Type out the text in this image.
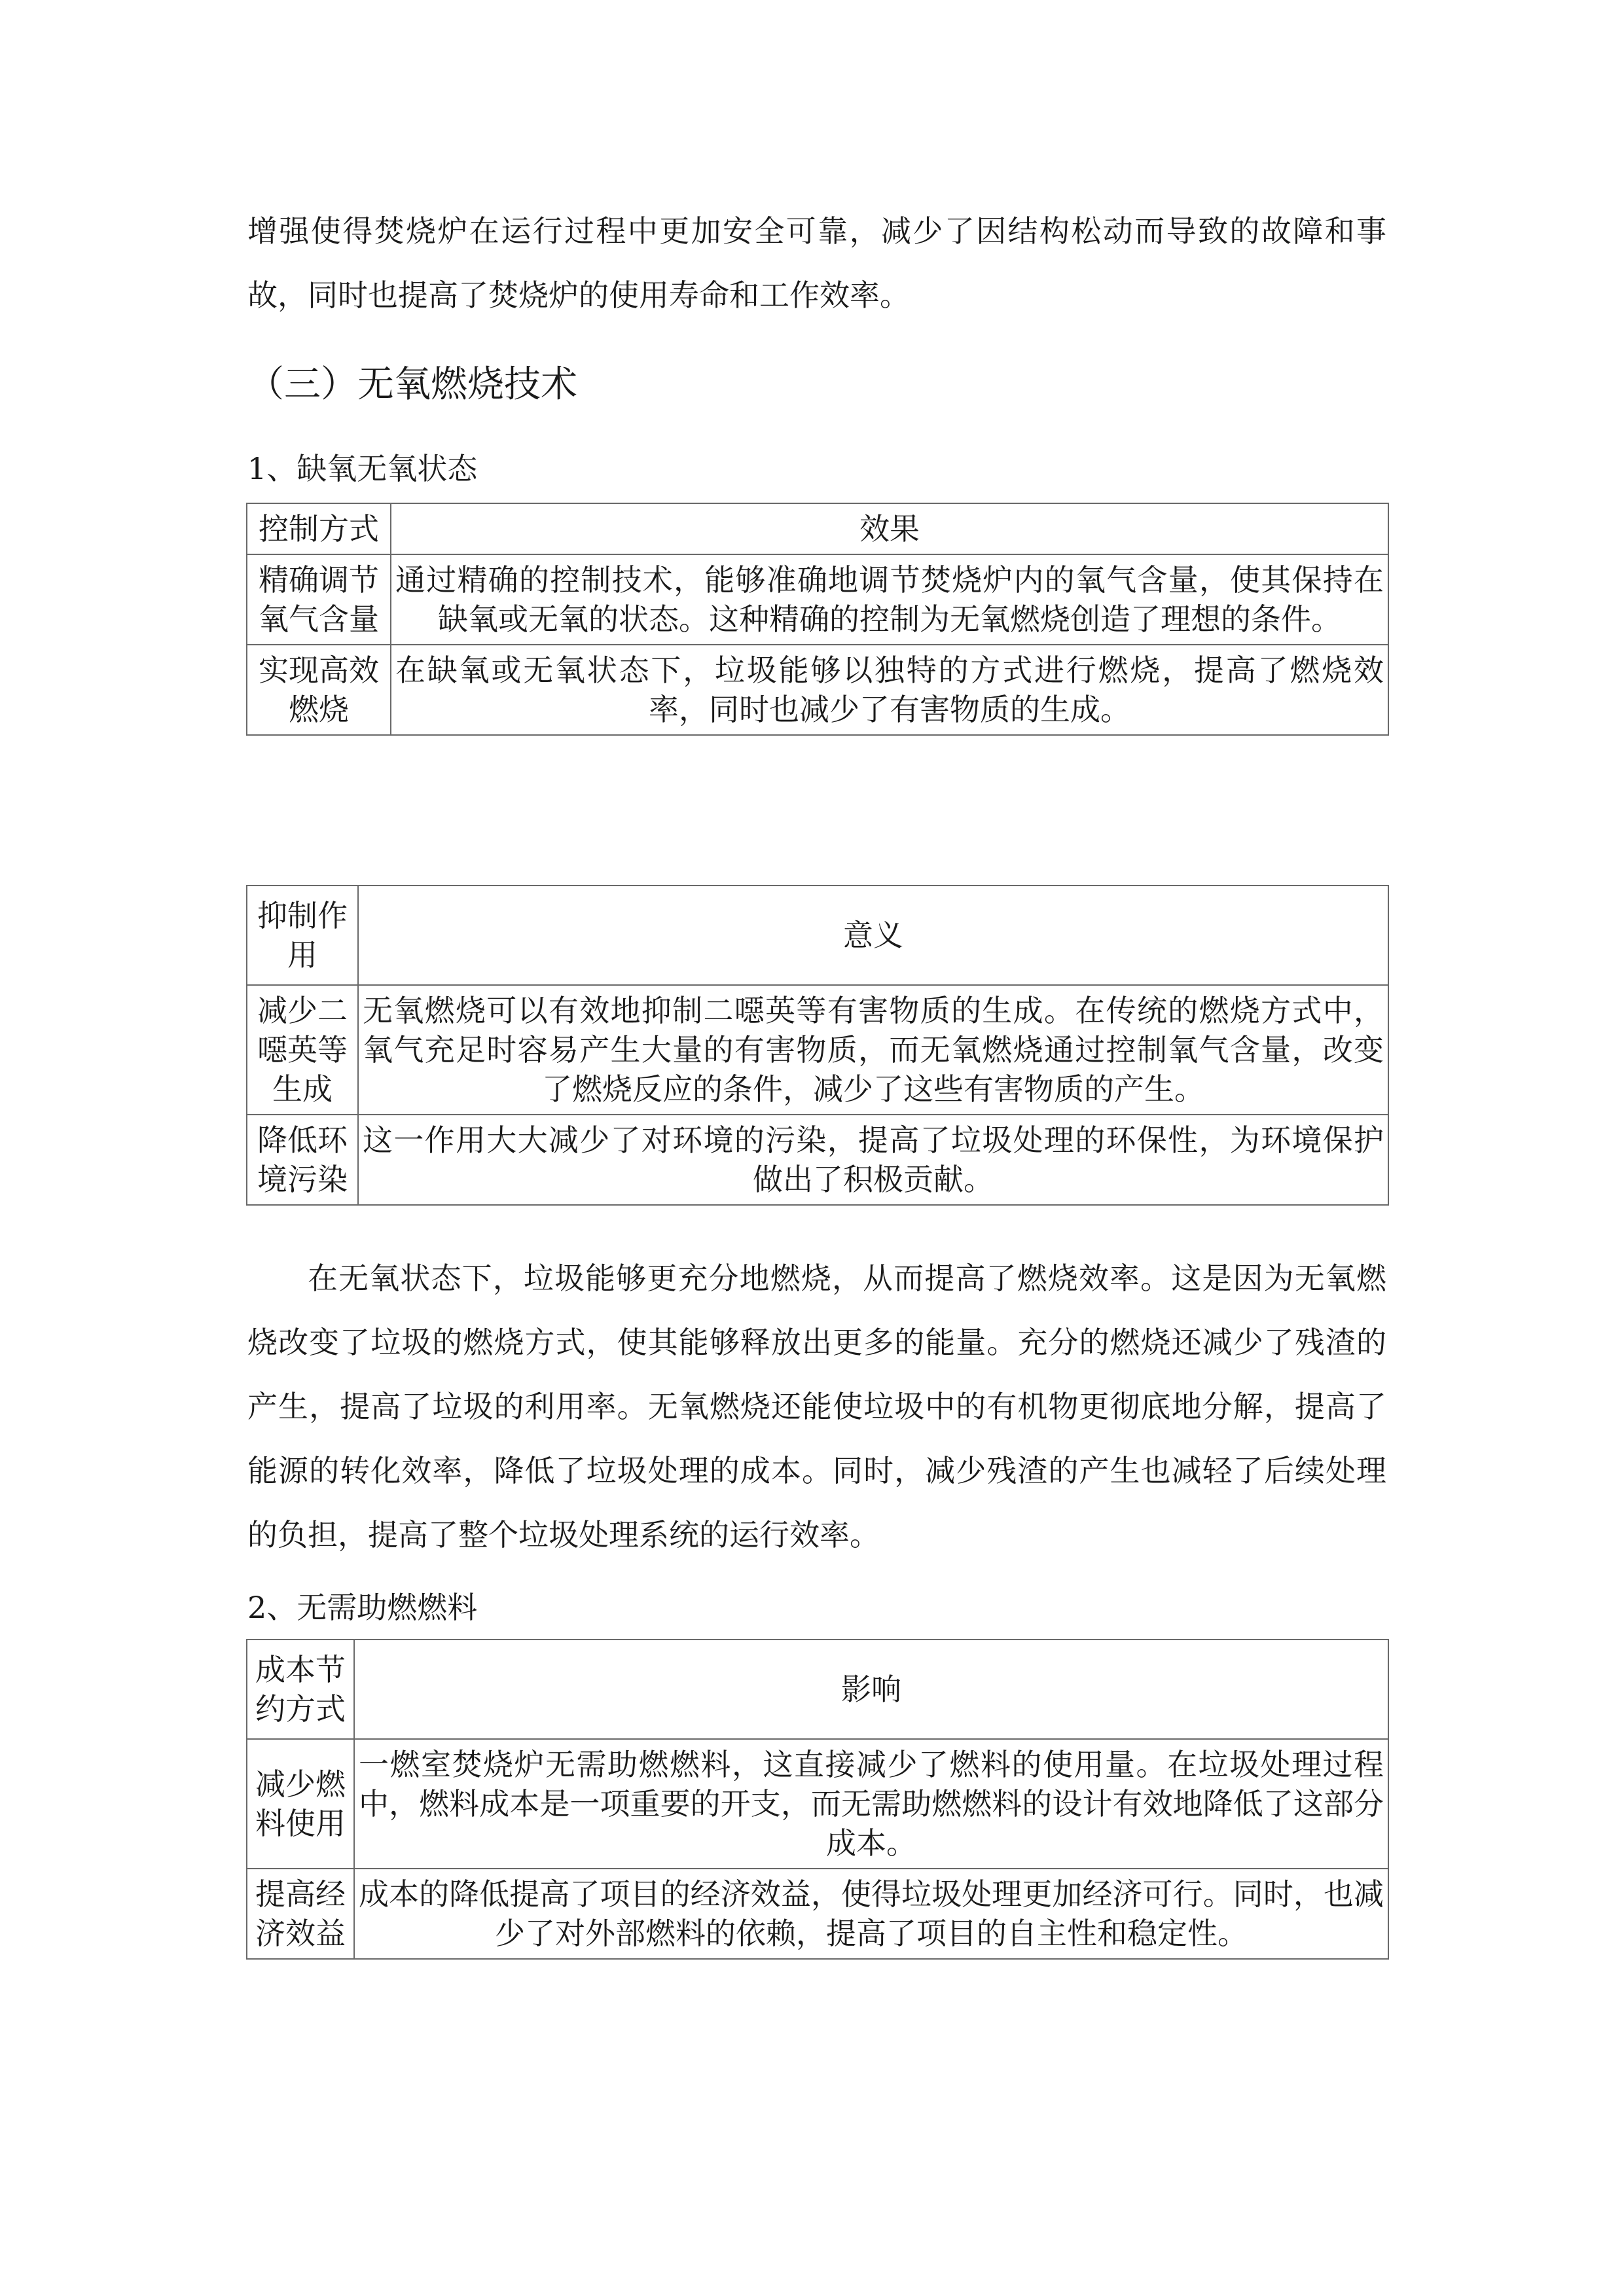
增强使得焚烧炉在运行过程中更加安全可靠，减少了因结构松动而导致的故障和事故，同时也提高了焚烧炉的使用寿命和工作效率。

（三）无氧燃烧技术
1、缺氧无氧状态
控制方式	效果
精确调节氧气含量	通过精确的控制技术，能够准确地调节焚烧炉内的氧气含量，使其保持在缺氧或无氧的状态。这种精确的控制为无氧燃烧创造了理想的条件。
实现高效燃烧	在缺氧或无氧状态下，垃圾能够以独特的方式进行燃烧，提高了燃烧效率，同时也减少了有害物质的生成。
抑制作用	意义
减少二噁英等生成	无氧燃烧可以有效地抑制二噁英等有害物质的生成。在传统的燃烧方式中，氧气充足时容易产生大量的有害物质，而无氧燃烧通过控制氧气含量，改变了燃烧反应的条件，减少了这些有害物质的产生。
降低环境污染	这一作用大大减少了对环境的污染，提高了垃圾处理的环保性，为环境保护做出了积极贡献。

在无氧状态下，垃圾能够更充分地燃烧，从而提高了燃烧效率。这是因为无氧燃烧改变了垃圾的燃烧方式，使其能够释放出更多的能量。充分的燃烧还减少了残渣的产生，提高了垃圾的利用率。无氧燃烧还能使垃圾中的有机物更彻底地分解，提高了能源的转化效率，降低了垃圾处理的成本。同时，减少残渣的产生也减轻了后续处理的负担，提高了整个垃圾处理系统的运行效率。

2、无需助燃燃料
成本节约方式	影响
减少燃料使用	一燃室焚烧炉无需助燃燃料，这直接减少了燃料的使用量。在垃圾处理过程中，燃料成本是一项重要的开支，而无需助燃燃料的设计有效地降低了这部分成本。
提高经济效益	成本的降低提高了项目的经济效益，使得垃圾处理更加经济可行。同时，也减少了对外部燃料的依赖，提高了项目的自主性和稳定性。
